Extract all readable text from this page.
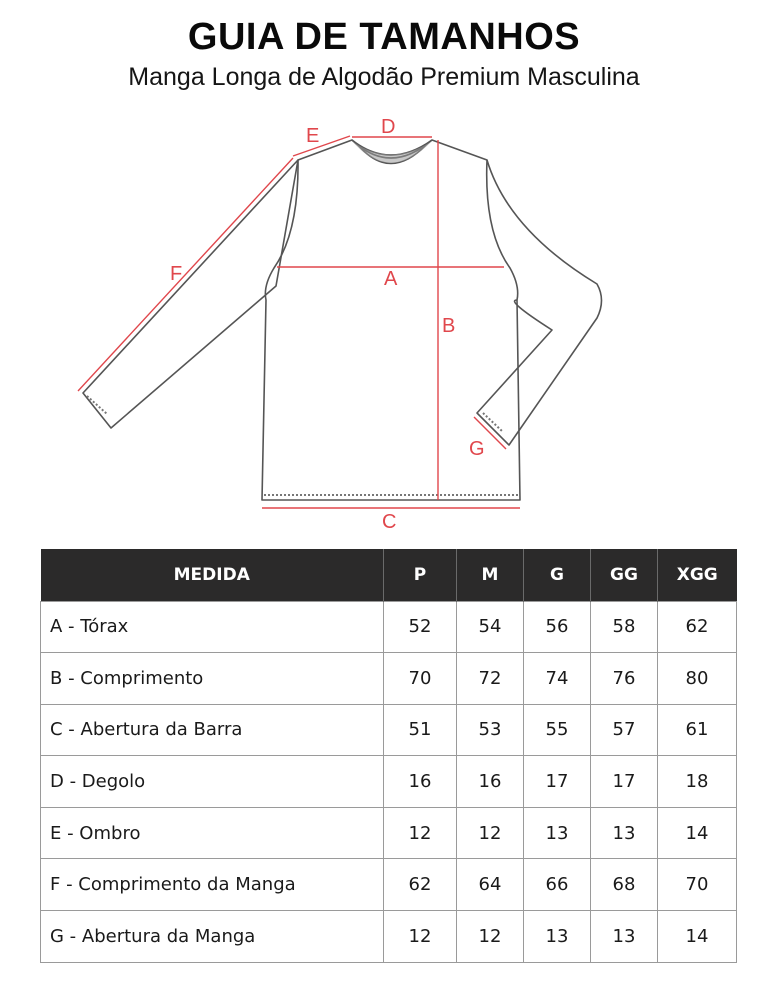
GUIA DE TAMANHOS
Manga Longa de Algodão Premium Masculina
A
B
C
D
E
F
G
MEDIDA	P	M	G	GG	XGG
A - Tórax	52	54	56	58	62
B - Comprimento	70	72	74	76	80
C - Abertura da Barra	51	53	55	57	61
D - Degolo	16	16	17	17	18
E - Ombro	12	12	13	13	14
F - Comprimento da Manga	62	64	66	68	70
G - Abertura da Manga	12	12	13	13	14
